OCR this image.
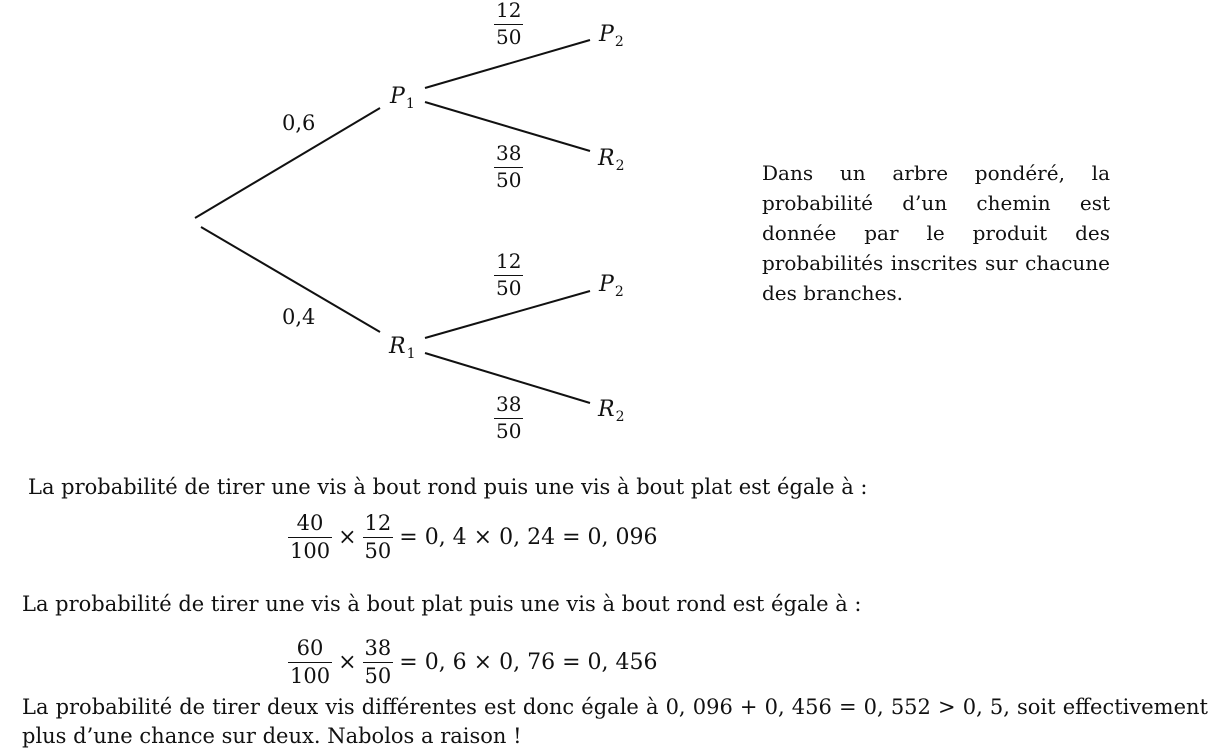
0,6
0,4
$P_1$
$R_1$
$P_2$
$R_2$
$P_2$
$R_2$
12
50
38
50
12
50
38
50
Dans un arbre pondéré, la probabilité d’un chemin est donnée par le produit des probabilités inscrites sur chacune des branches.
La probabilité de tirer une vis à bout rond puis une vis à bout plat est égale à :
$\frac{40}{100} \times \frac{12}{50} = 0$, 4 × 0, 24 = 0, 096
La probabilité de tirer une vis à bout plat puis une vis à bout rond est égale à :
$\frac{60}{100} \times \frac{38}{50} = 0$, 6 × 0, 76 = 0, 456
La probabilité de tirer deux vis différentes est donc égale à 0, 096 + 0, 456 = 0, 552 > 0, 5, soit effectivement
plus d’une chance sur deux. Nabolos a raison !
